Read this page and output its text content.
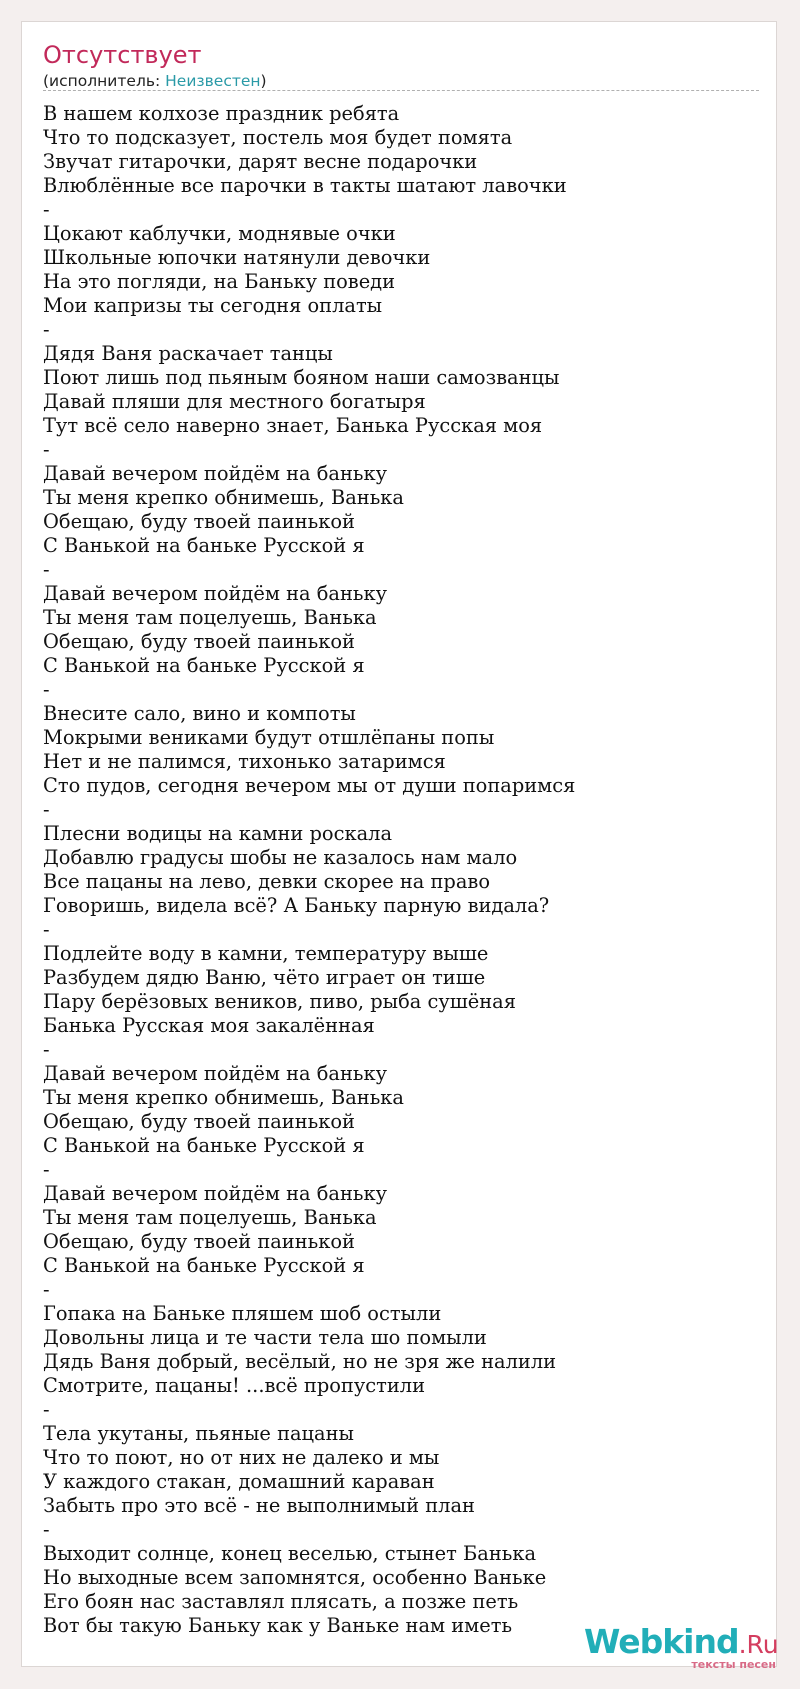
Отсутствует
(исполнитель: Неизвестен)
В нашем колхозе праздник ребята
Что то подсказует, постель моя будет помята
Звучат гитарочки, дарят весне подарочки
Влюблённые все парочки в такты шатают лавочки
-
Цокают каблучки, моднявые очки
Школьные юпочки натянули девочки
На это погляди, на Баньку поведи
Мои капризы ты сегодня оплаты
-
Дядя Ваня раскачает танцы
Поют лишь под пьяным бояном наши самозванцы
Давай пляши для местного богатыря
Тут всё село наверно знает, Банька Русская моя
-
Давай вечером пойдём на баньку
Ты меня крепко обнимешь, Ванька
Обещаю, буду твоей паинькой
С Ванькой на баньке Русской я
-
Давай вечером пойдём на баньку
Ты меня там поцелуешь, Ванька
Обещаю, буду твоей паинькой
С Ванькой на баньке Русской я
-
Внесите сало, вино и компоты
Мокрыми вениками будут отшлёпаны попы
Нет и не палимся, тихонько затаримся
Сто пудов, сегодня вечером мы от души попаримся
-
Плесни водицы на камни роскала
Добавлю градусы шобы не казалось нам мало
Все пацаны на лево, девки скорее на право
Говоришь, видела всё? А Баньку парную видала?
-
Подлейте воду в камни, температуру выше
Разбудем дядю Ваню, чёто играет он тише
Пару берёзовых веников, пиво, рыба сушёная
Банька Русская моя закалённая
-
Давай вечером пойдём на баньку
Ты меня крепко обнимешь, Ванька
Обещаю, буду твоей паинькой
С Ванькой на баньке Русской я
-
Давай вечером пойдём на баньку
Ты меня там поцелуешь, Ванька
Обещаю, буду твоей паинькой
С Ванькой на баньке Русской я
-
Гопака на Баньке пляшем шоб остыли
Довольны лица и те части тела шо помыли
Дядь Ваня добрый, весёлый, но не зря же налили
Смотрите, пацаны! ...всё пропустили
-
Тела укутаны, пьяные пацаны
Что то поют, но от них не далеко и мы
У каждого стакан, домашний караван
Забыть про это всё - не выполнимый план
-
Выходит солнце, конец веселью, стынет Банька
Но выходные всем запомнятся, особенно Ваньке
Его боян нас заставлял плясать, а позже петь
Вот бы такую Баньку как у Ваньке нам иметь	Webkind.Ru
тексты песен
